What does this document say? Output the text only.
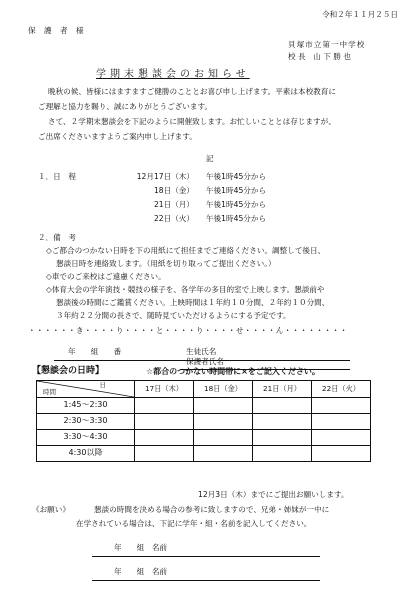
令和２年１１月２５日
保 護 者 様
貝塚市立第一中学校
校 長　山 下 勝 也
学期末懇談会のお知らせ
晩秋の候、皆様にはますますご健勝のこととお喜び申し上げます。平素は本校教育に
ご理解と協力を賜り、誠にありがとうございます。
さて、２学期末懇談会を下記のように開催致します。お忙しいこととは存じますが、
ご出席くださいますようご案内申し上げます。
記
１．日　程	12月17日（木） 午後1時45分から
18日（金） 午後1時45分から
21日（月） 午後1時45分から
22日（火） 午後1時45分から
２．備　考
◇ご都合のつかない日時を下の用紙にて担任までご連絡ください。調整して後日、
懇談日時を連絡致します。（用紙を切り取ってご提出ください。）
◇車でのご来校はご遠慮ください。
◇体育大会の学年演技・競技の様子を、各学年の多目的室で上映します。懇談前や
懇談後の時間にご鑑賞ください。上映時間は１年約１０分間、２年約１０分間、
３年約２２分間の長さで、随時見ていただけるようにする予定です。
・・・・・・き・・・・り・・・・と・・・・り・・・・せ・・・・ん・・・・・・・・
年　　組　　番	生徒氏名
保護者氏名
【懇談会の日時】	☆都合のつかない時間帯に×をご記入ください。
日
時間	17日（木）	18日（金）	21日（月）	22日（火）
1:45～2:30				
2:30～3:30				
3:30～4:30				
4:30以降				
12月3日（木）までにご提出お願いします。
《お願い》	懇談の時間を決める場合の参考に致しますので、兄弟・姉妹が一中に
在学されている場合は、下記に学年・組・名前を記入してください。
年　　組　名前
年　　組　名前
